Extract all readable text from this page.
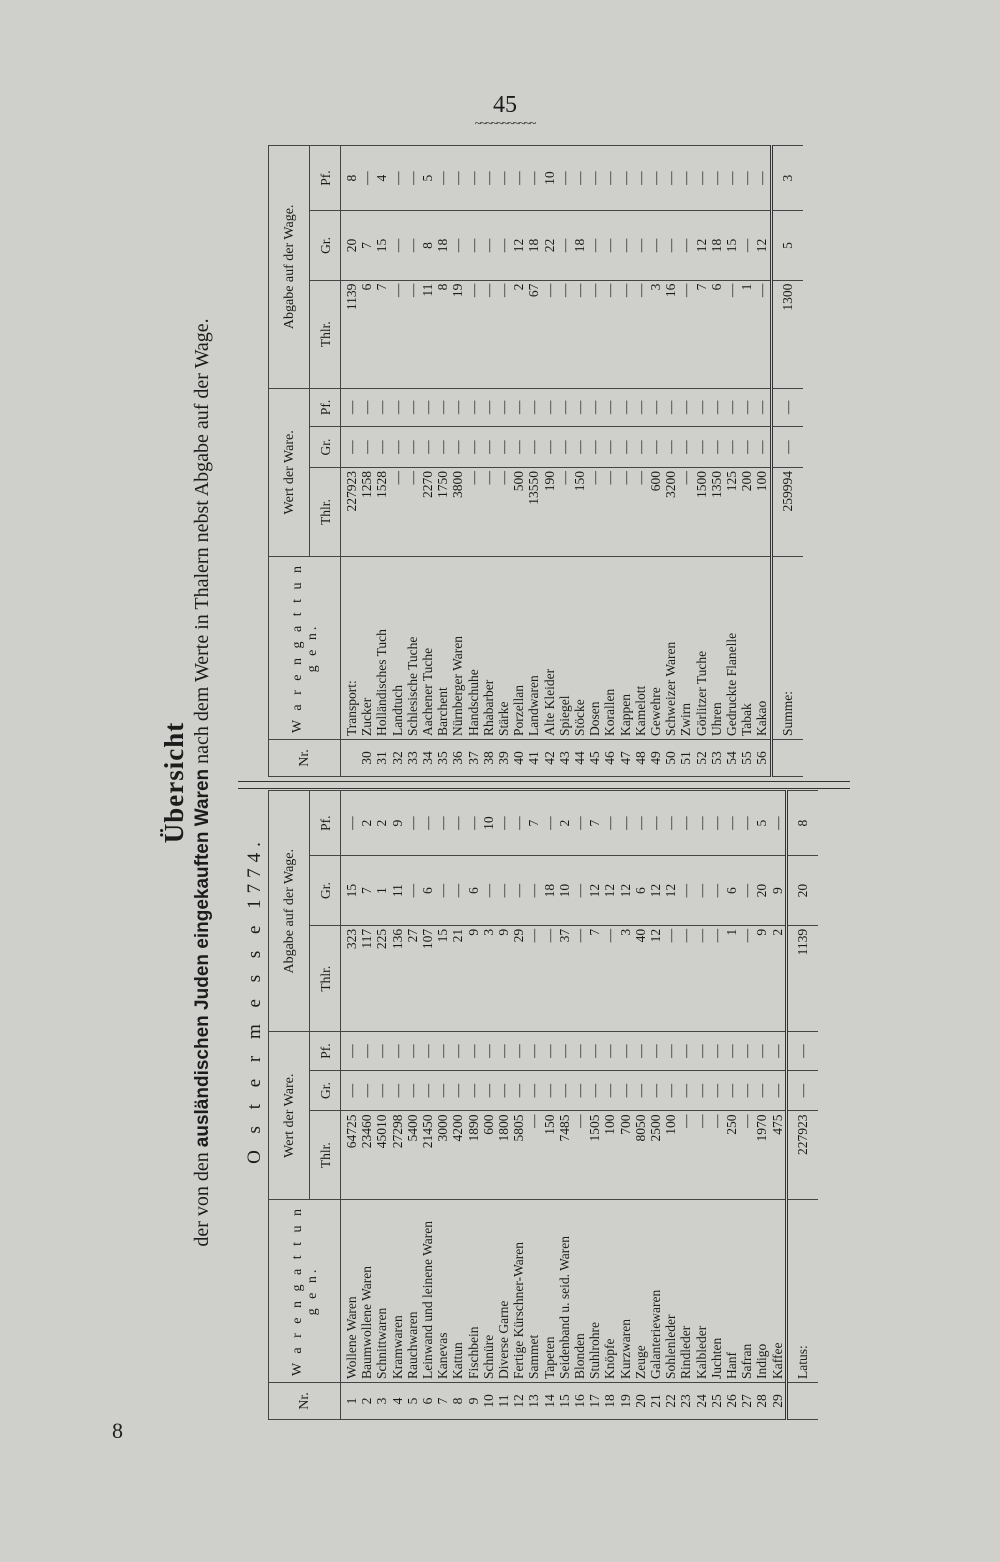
45
~~~~~~~~~~~
8
Übersicht
der von den ausländischen Juden eingekauften Waren nach dem Werte in Thalern nebst Abgabe auf der Wage.
O s t e r m e s s e 1774.
Nr.	W a r e n g a t t u n g e n.	Wert der Ware.			Abgabe auf der Wage.		
		Thlr.	Gr.	Pf.	Thlr.	Gr.	Pf.
1	Wollene Waren	64725	—	—	323	15	—
2	Baumwollene Waren	23460	—	—	117	7	2
3	Schnittwaren	45010	—	—	225	1	2
4	Kramwaren	27298	—	—	136	11	9
5	Rauchwaren	5400	—	—	27	—	—
6	Leinwand und leinene Waren	21450	—	—	107	6	—
7	Kanevas	3000	—	—	15	—	—
8	Kattun	4200	—	—	21	—	—
9	Fischbein	1890	—	—	9	6	—
10	Schnüre	600	—	—	3	—	10
11	Diverse Garne	1800	—	—	9	—	—
12	Fertige Kürschner-Waren	5805	—	—	29	—	—
13	Sammet	—	—	—	—	—	7
14	Tapeten	150	—	—	—	18	—
15	Seidenband u. seid. Waren	7485	—	—	37	10	2
16	Blonden	—	—	—	—	—	—
17	Stuhlrohre	1505	—	—	7	12	7
18	Knöpfe	100	—	—	—	12	—
19	Kurzwaren	700	—	—	3	12	—
20	Zeuge	8050	—	—	40	6	—
21	Galanteriewaren	2500	—	—	12	12	—
22	Sohlenleder	100	—	—	—	12	—
23	Rindleder	—	—	—	—	—	—
24	Kalbleder	—	—	—	—	—	—
25	Juchten	—	—	—	—	—	—
26	Hanf	250	—	—	1	6	—
27	Safran	—	—	—	—	—	—
28	Indigo	1970	—	—	9	20	5
29	Kaffee	475	—	—	2	9	—
	Latus:	227923	—	—	1139	20	8
Nr.	W a r e n g a t t u n g e n.	Wert der Ware.			Abgabe auf der Wage.		
		Thlr.	Gr.	Pf.	Thlr.	Gr.	Pf.
	Transport:	227923	—	—	1139	20	8
30	Zucker	1258	—	—	6	7	—
31	Holländisches Tuch	1528	—	—	7	15	4
32	Landtuch	—	—	—	—	—	—
33	Schlesische Tuche	—	—	—	—	—	—
34	Aachener Tuche	2270	—	—	11	8	5
35	Barchent	1750	—	—	8	18	—
36	Nürnberger Waren	3800	—	—	19	—	—
37	Handschuhe	—	—	—	—	—	—
38	Rhabarber	—	—	—	—	—	—
39	Stärke	—	—	—	—	—	—
40	Porzellan	500	—	—	2	12	—
41	Landwaren	13550	—	—	67	18	—
42	Alte Kleider	190	—	—	—	22	10
43	Spiegel	—	—	—	—	—	—
44	Stöcke	150	—	—	—	18	—
45	Dosen	—	—	—	—	—	—
46	Korallen	—	—	—	—	—	—
47	Kappen	—	—	—	—	—	—
48	Kamelott	—	—	—	—	—	—
49	Gewehre	600	—	—	3	—	—
50	Schweizer Waren	3200	—	—	16	—	—
51	Zwirn	—	—	—	—	—	—
52	Görlitzer Tuche	1500	—	—	7	12	—
53	Uhren	1350	—	—	6	18	—
54	Gedruckte Flanelle	125	—	—	—	15	—
55	Tabak	200	—	—	1	—	—
56	Kakao	100	—	—	—	12	—
	Summe:	259994	—	—	1300	5	3
